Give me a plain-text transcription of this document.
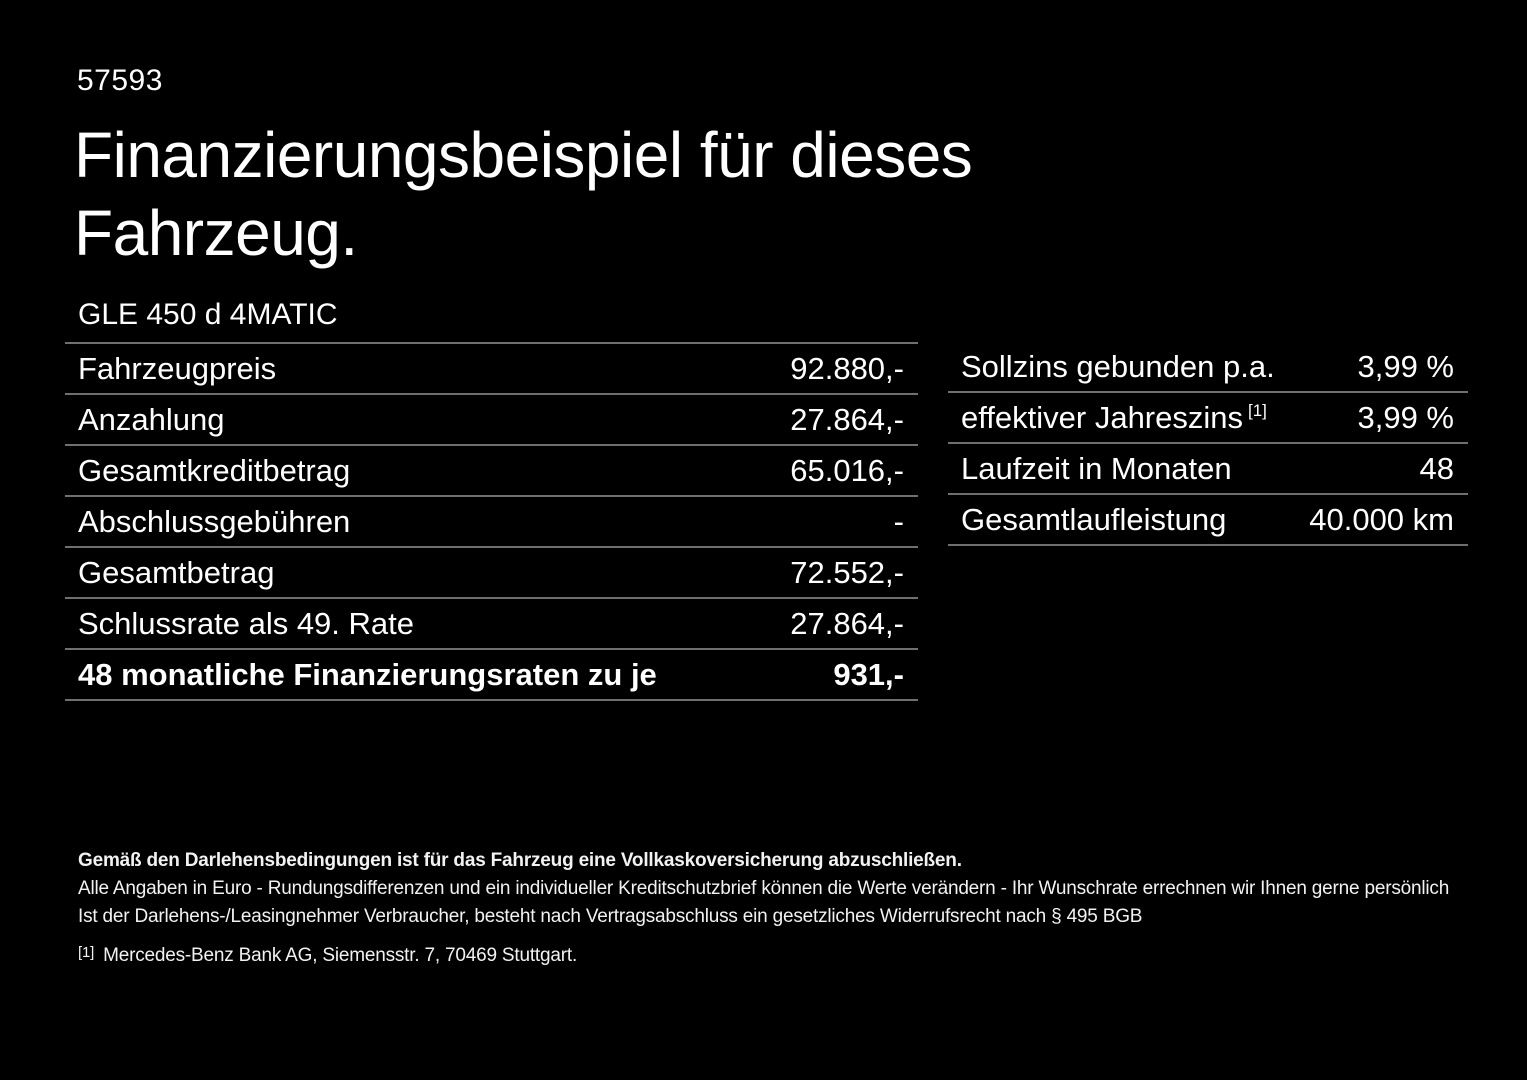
57593
Finanzierungsbeispiel für dieses
Fahrzeug.
GLE 450 d 4MATIC
Fahrzeugpreis	92.880,-
Anzahlung	27.864,-
Gesamtkreditbetrag	65.016,-
Abschlussgebühren	-
Gesamtbetrag	72.552,-
Schlussrate als 49. Rate	27.864,-
48 monatliche Finanzierungsraten zu je	931,-
Sollzins gebunden p.a.	3,99 %
effektiver Jahreszins [1]	3,99 %
Laufzeit in Monaten	48
Gesamtlaufleistung	40.000 km
Gemäß den Darlehensbedingungen ist für das Fahrzeug eine Vollkaskoversicherung abzuschließen.
Alle Angaben in Euro - Rundungsdifferenzen und ein individueller Kreditschutzbrief können die Werte verändern - Ihr Wunschrate errechnen wir Ihnen gerne persönlich
Ist der Darlehens-/Leasingnehmer Verbraucher, besteht nach Vertragsabschluss ein gesetzliches Widerrufsrecht nach § 495 BGB
[1] Mercedes-Benz Bank AG, Siemensstr. 7, 70469 Stuttgart.
